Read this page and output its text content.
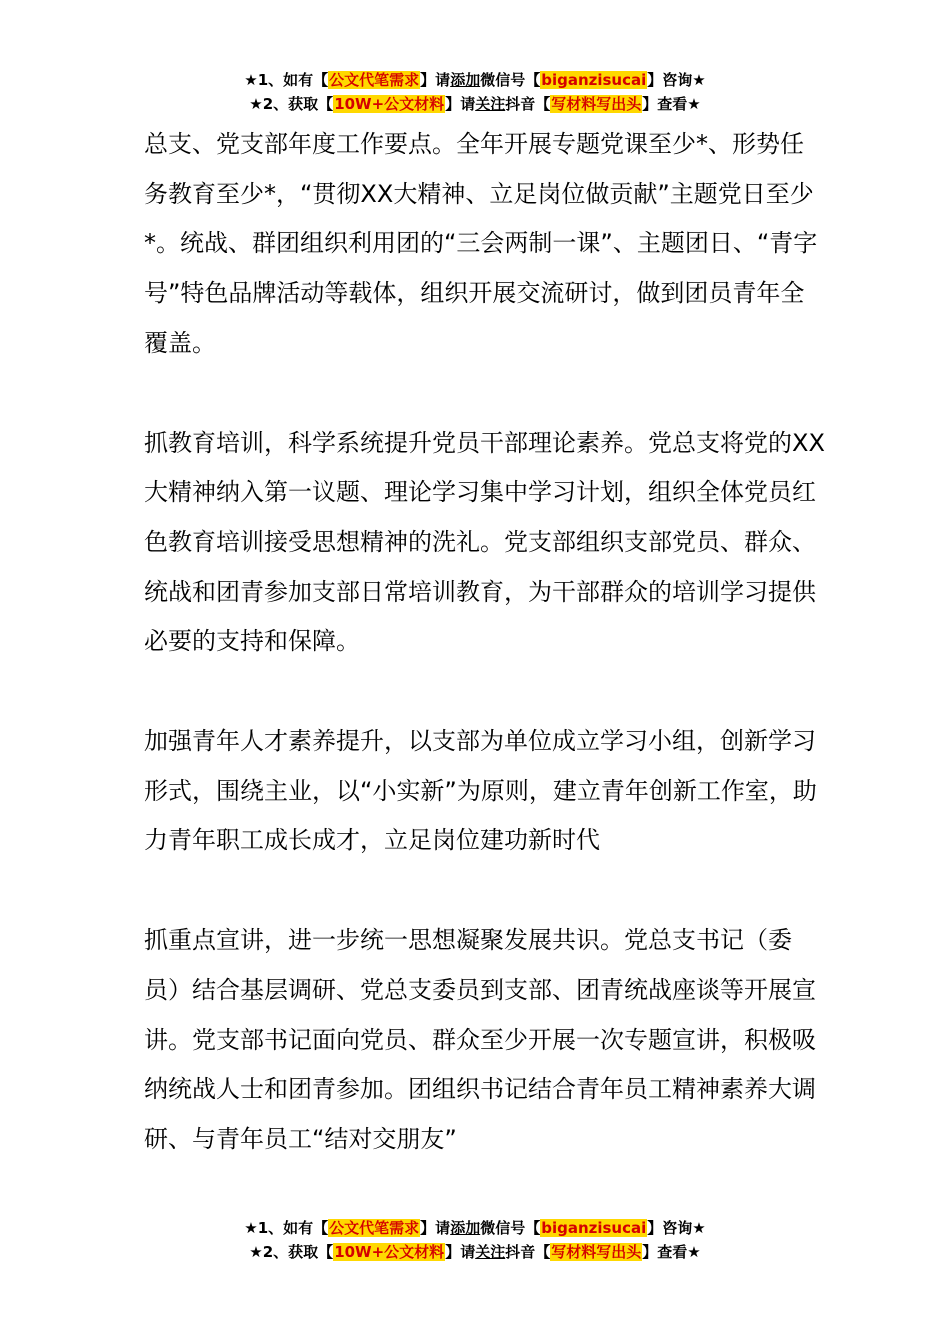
★1、如有【公文代笔需求】请添加微信号【biganzisucai】咨询★
★2、获取【10W+公文材料】请关注抖音【写材料写出头】查看★

总支、党支部年度工作要点。全年开展专题党课至少*、形势任务教育至少*，“贯彻XX大精神、立足岗位做贡献”主题党日至少*。统战、群团组织利用团的“三会两制一课”、主题团日、“青字号”特色品牌活动等载体，组织开展交流研讨，做到团员青年全覆盖。

抓教育培训，科学系统提升党员干部理论素养。党总支将党的XX大精神纳入第一议题、理论学习集中学习计划，组织全体党员红色教育培训接受思想精神的洗礼。党支部组织支部党员、群众、统战和团青参加支部日常培训教育，为干部群众的培训学习提供必要的支持和保障。

加强青年人才素养提升，以支部为单位成立学习小组，创新学习形式，围绕主业，以“小实新”为原则，建立青年创新工作室，助力青年职工成长成才，立足岗位建功新时代

抓重点宣讲，进一步统一思想凝聚发展共识。党总支书记（委员）结合基层调研、党总支委员到支部、团青统战座谈等开展宣讲。党支部书记面向党员、群众至少开展一次专题宣讲，积极吸纳统战人士和团青参加。团组织书记结合青年员工精神素养大调研、与青年员工“结对交朋友”

★1、如有【公文代笔需求】请添加微信号【biganzisucai】咨询★
★2、获取【10W+公文材料】请关注抖音【写材料写出头】查看★
